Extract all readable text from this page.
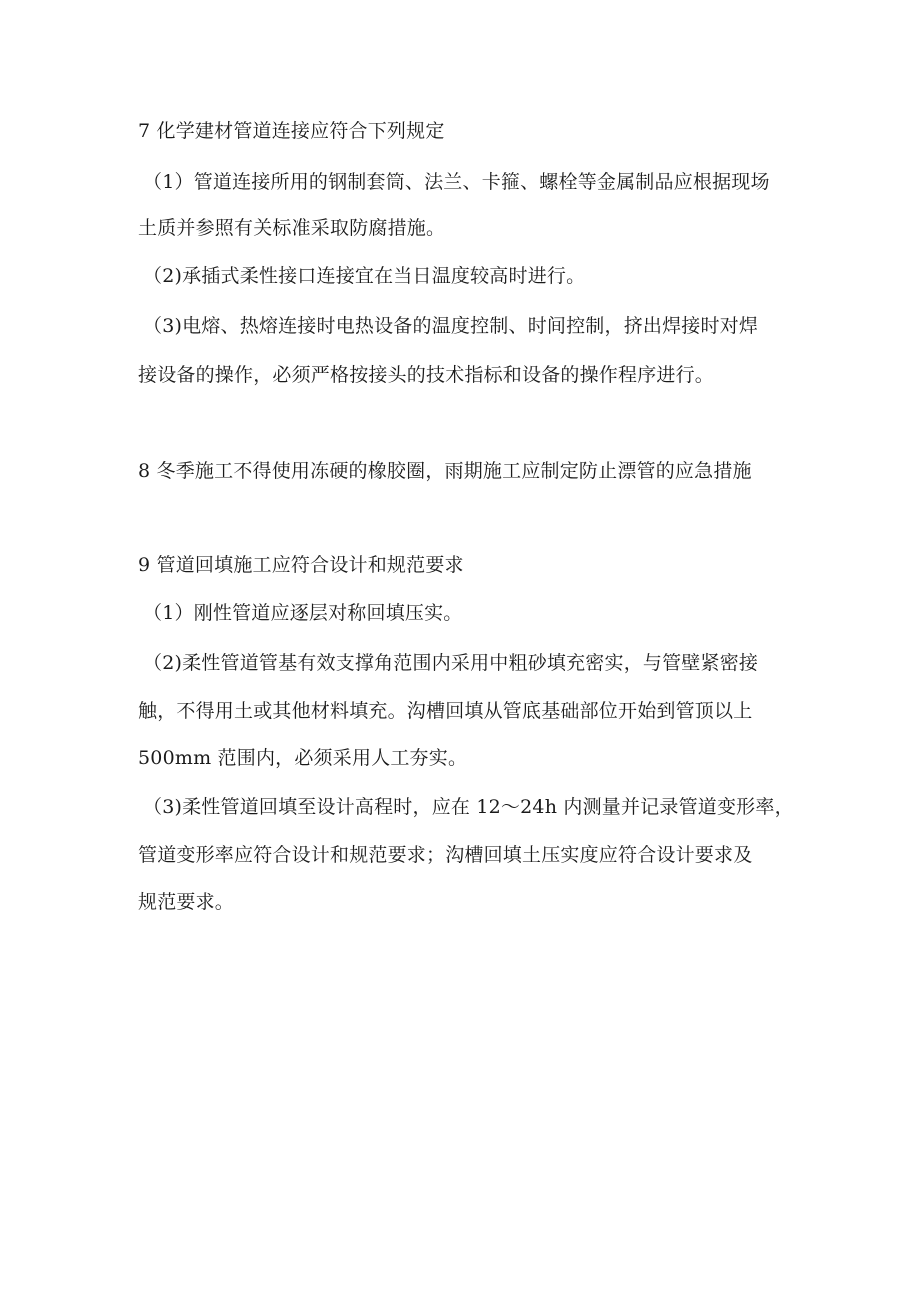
7 化学建材管道连接应符合下列规定
（1）管道连接所用的钢制套筒、法兰、卡箍、螺栓等金属制品应根据现场
土质并参照有关标准采取防腐措施。
（2)承插式柔性接口连接宜在当日温度较高时进行。
（3)电熔、热熔连接时电热设备的温度控制、时间控制，挤出焊接时对焊
接设备的操作，必须严格按接头的技术指标和设备的操作程序进行。
8 冬季施工不得使用冻硬的橡胶圈，雨期施工应制定防止漂管的应急措施
9 管道回填施工应符合设计和规范要求
（1）刚性管道应逐层对称回填压实。
（2)柔性管道管基有效支撑角范围内采用中粗砂填充密实，与管壁紧密接
触，不得用土或其他材料填充。沟槽回填从管底基础部位开始到管顶以上
500mm 范围内，必须采用人工夯实。
（3)柔性管道回填至设计高程时，应在 12～24h 内测量并记录管道变形率，
管道变形率应符合设计和规范要求；沟槽回填土压实度应符合设计要求及
规范要求。
